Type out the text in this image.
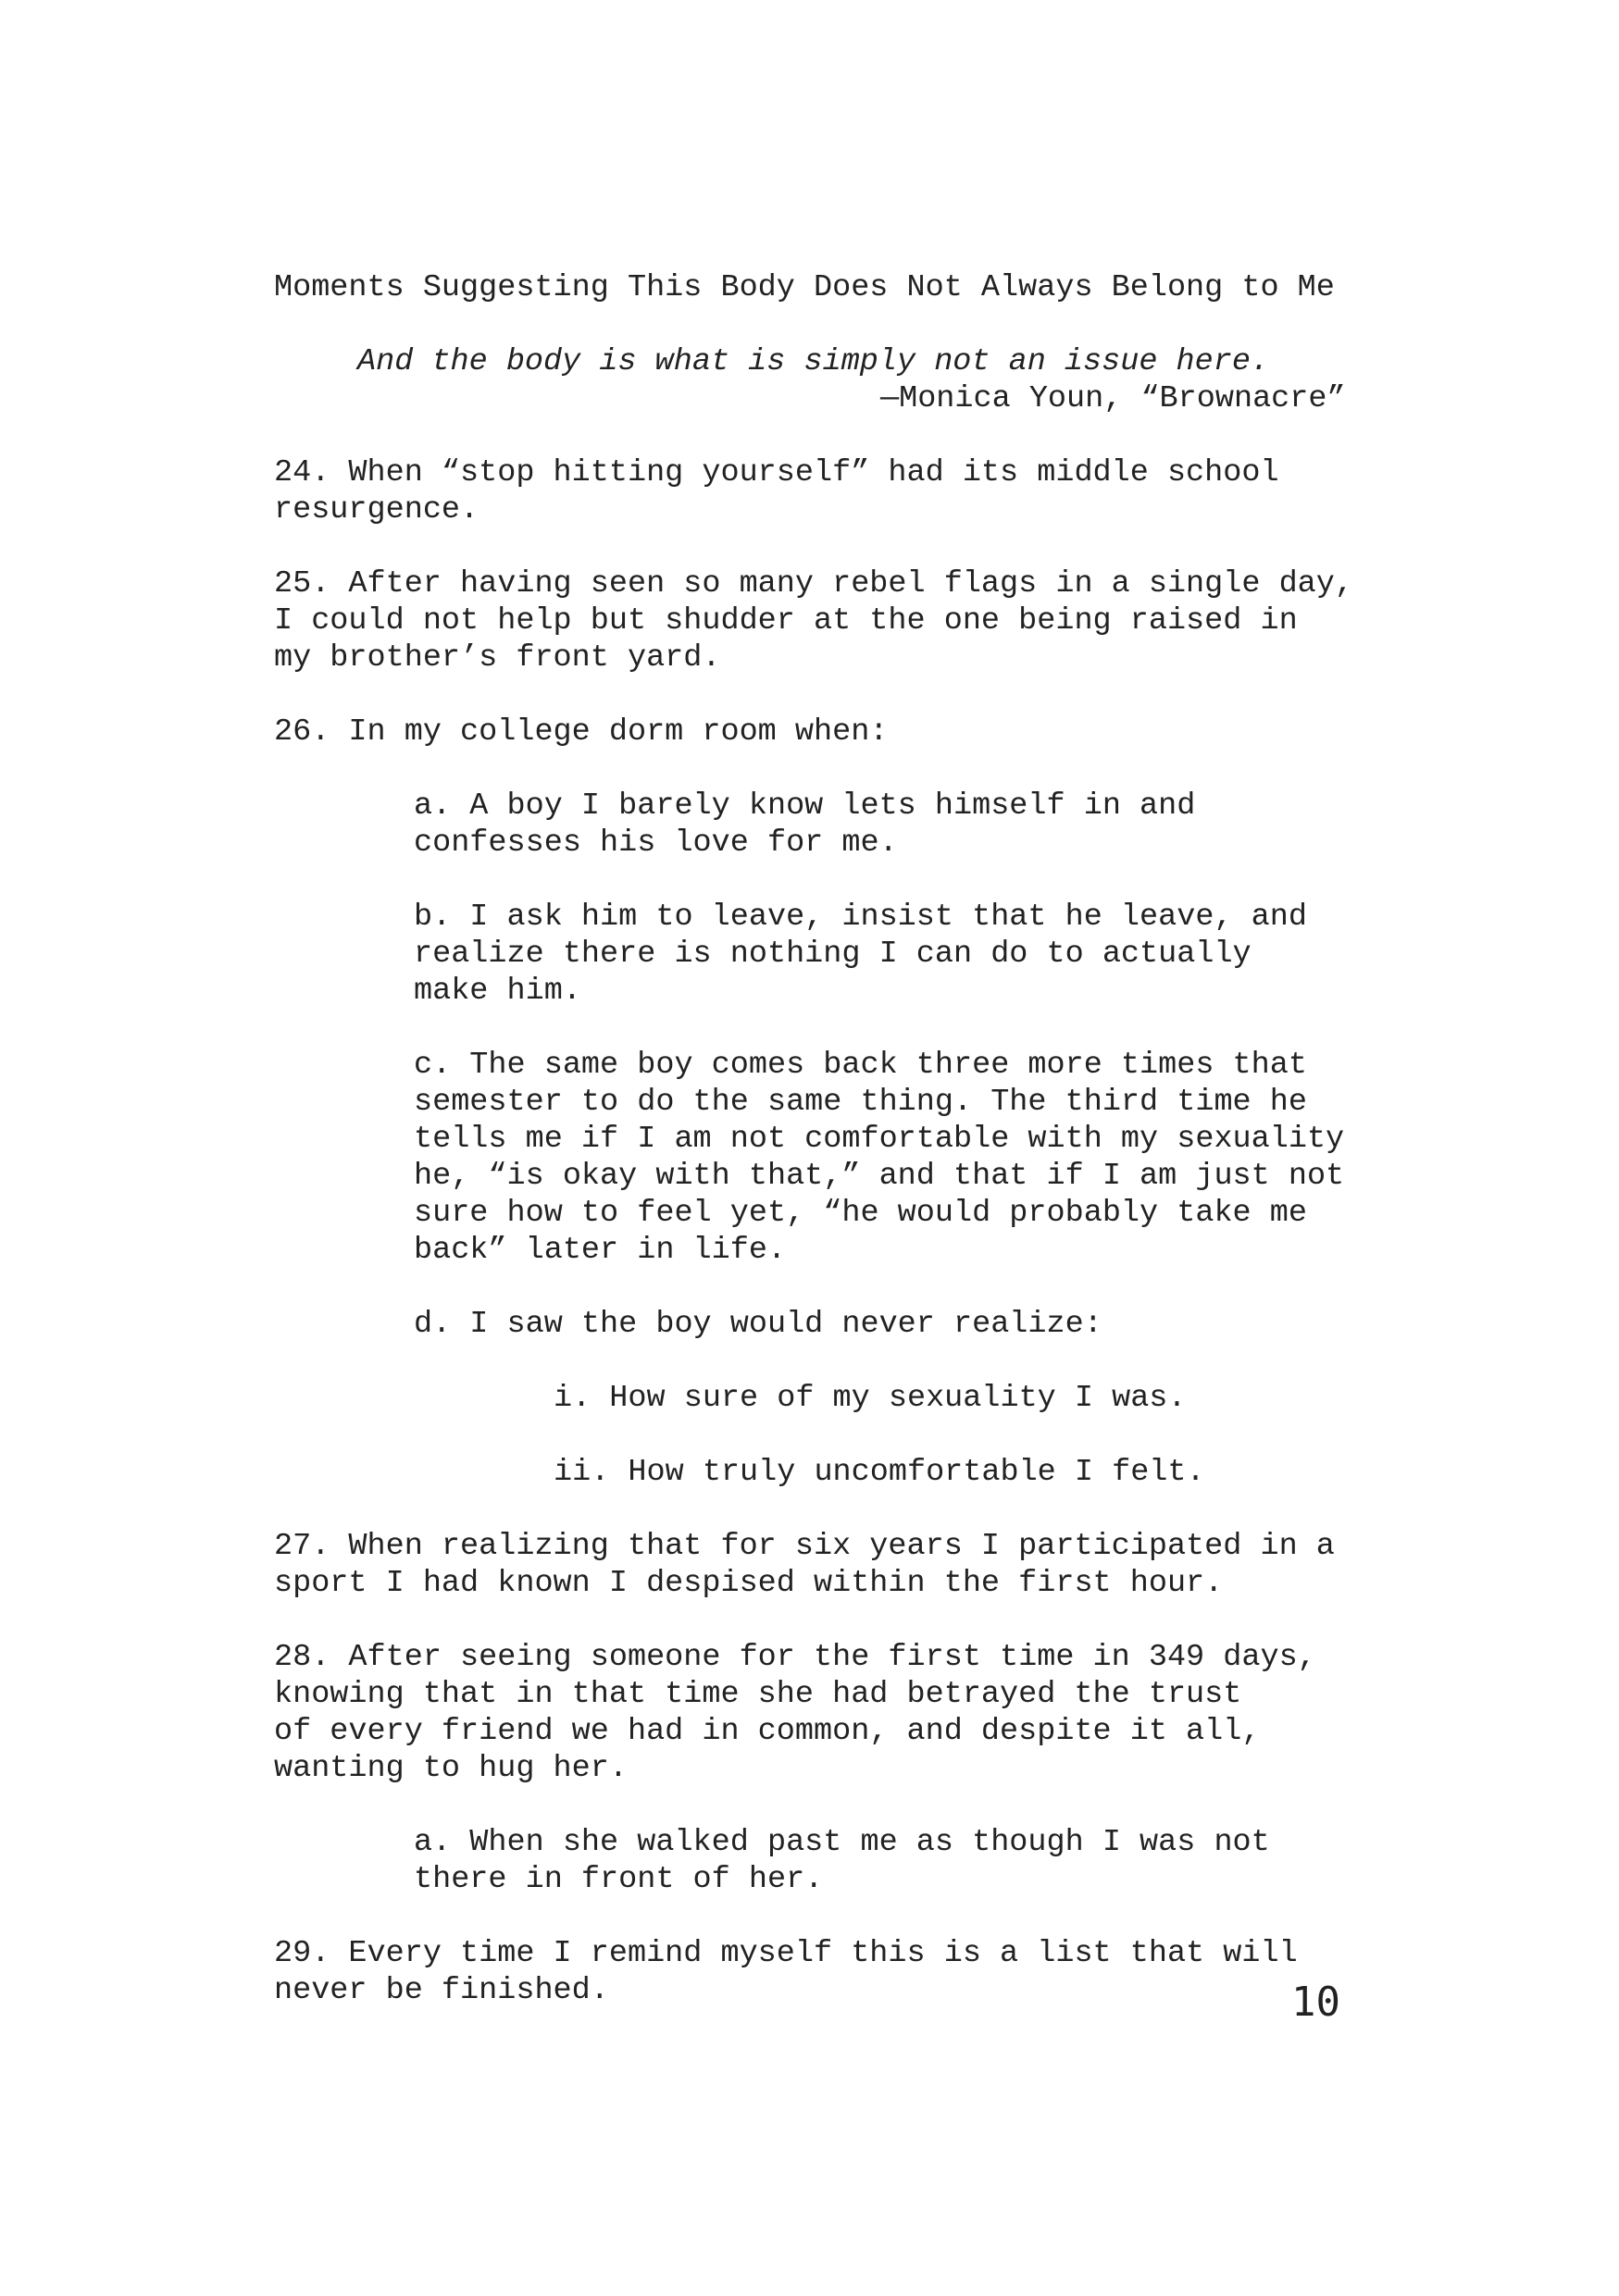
Moments Suggesting This Body Does Not Always Belong to Me
And the body is what is simply not an issue here.
—Monica Youn, “Brownacre”
24. When “stop hitting yourself” had its middle school
resurgence.
25. After having seen so many rebel flags in a single day,
I could not help but shudder at the one being raised in
my brother’s front yard.
26. In my college dorm room when:
a. A boy I barely know lets himself in and
confesses his love for me.
b. I ask him to leave, insist that he leave, and
realize there is nothing I can do to actually
make him.
c. The same boy comes back three more times that
semester to do the same thing. The third time he
tells me if I am not comfortable with my sexuality
he, “is okay with that,” and that if I am just not
sure how to feel yet, “he would probably take me
back” later in life.
d. I saw the boy would never realize:
i. How sure of my sexuality I was.
ii. How truly uncomfortable I felt.
27. When realizing that for six years I participated in a
sport I had known I despised within the first hour.
28. After seeing someone for the first time in 349 days,
knowing that in that time she had betrayed the trust
of every friend we had in common, and despite it all,
wanting to hug her.
a. When she walked past me as though I was not
there in front of her.
29. Every time I remind myself this is a list that will
never be finished.	10
